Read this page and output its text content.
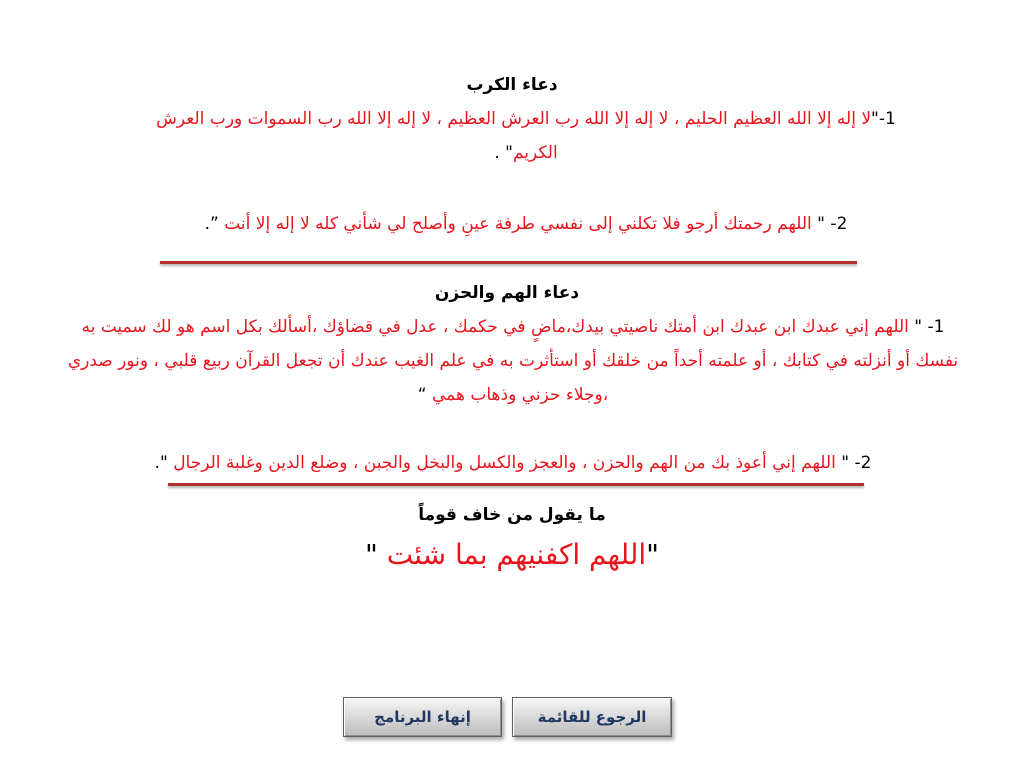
دعاء الكرب

1-"لا إله إلا الله العظيم الحليم ، لا إله إلا الله رب العرش العظيم ، لا إله إلا الله رب السموات ورب العرش الكريم" .

2- " اللهم رحمتك أرجو فلا تكلني إلى نفسي طرفة عينِ وأصلح لي شأني كله لا إله إلا أنت ”.

دعاء الهم والحزن

1- " اللهم إني عبدك ابن عبدك ابن أمتك ناصيتي بيدك،ماضٍ في حكمك ، عدل في قضاؤك ،أسألك بكل اسم هو لك سميت به نفسك أو أنزلته في كتابك ، أو علمته أحداً من خلقك أو استأثرت به في علم الغيب عندك أن تجعل القرآن ربيع قلبي ، ونور صدري ،وجلاء حزني وذهاب همي “

2- " اللهم إني أعوذ بك من الهم والحزن ، والعجز والكسل والبخل والجبن ، وضلع الدين وغلبة الرجال ".

ما يقول من خاف قوماً

"اللهم اكفنيهم بما شئت "

إنهاء البرنامج	الرجوع للقائمة
